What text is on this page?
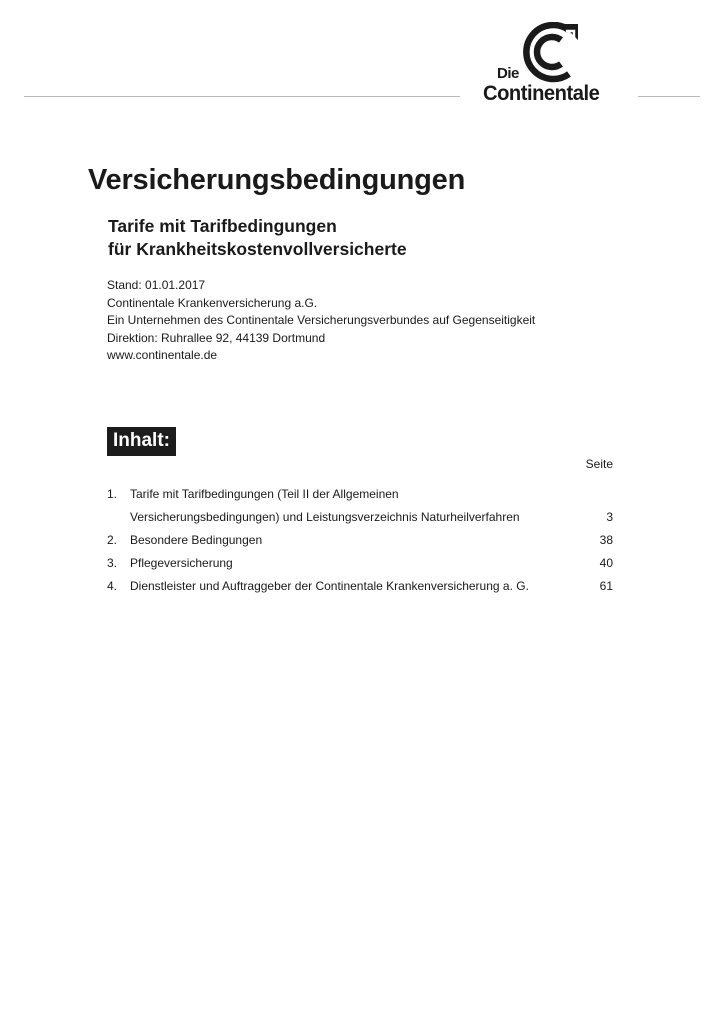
Die
Continentale
Versicherungsbedingungen
Tarife mit Tarifbedingungen
für Krankheitskostenvollversicherte
Stand: 01.01.2017
Continentale Krankenversicherung a.G.
Ein Unternehmen des Continentale Versicherungsverbundes auf Gegenseitigkeit
Direktion: Ruhrallee 92, 44139 Dortmund
www.continentale.de
Inhalt:
Seite
1.	Tarife mit Tarifbedingungen (Teil II der Allgemeinen
Versicherungsbedingungen) und Leistungsverzeichnis Naturheilverfahren	3
2.	Besondere Bedingungen	38
3.	Pflegeversicherung	40
4.	Dienstleister und Auftraggeber der Continentale Krankenversicherung a. G.	61
